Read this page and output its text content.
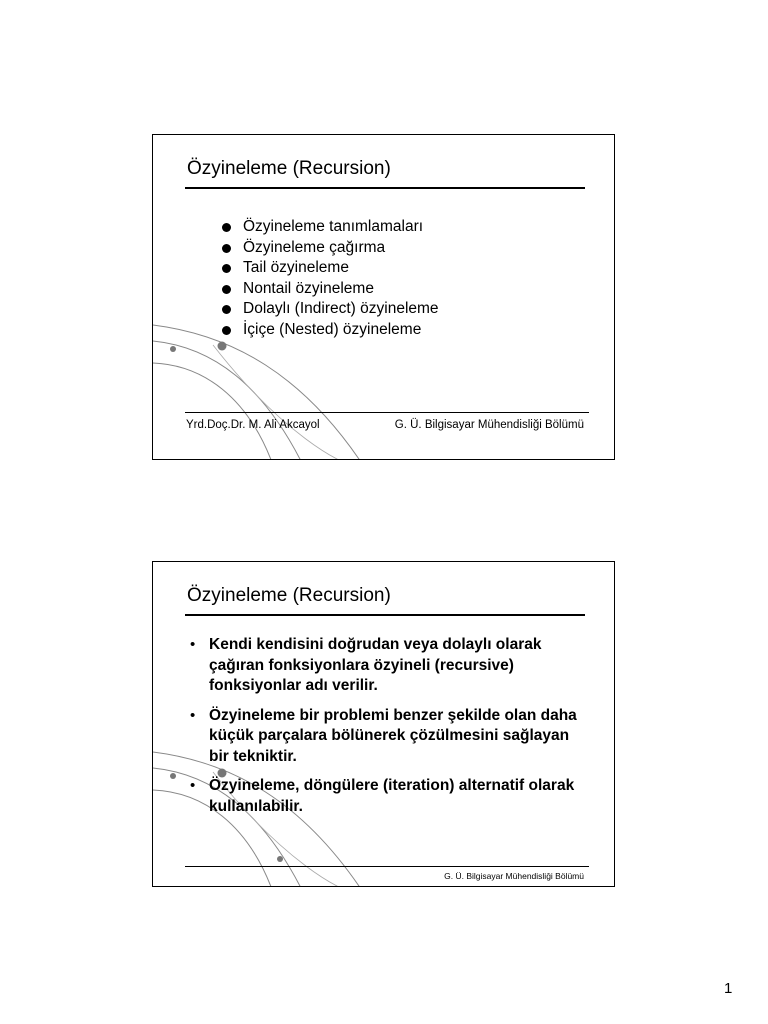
Özyineleme (Recursion)
Özyineleme tanımlamaları
Özyineleme çağırma
Tail özyineleme
Nontail özyineleme
Dolaylı (Indirect) özyineleme
İçiçe (Nested) özyineleme
Yrd.Doç.Dr. M. Ali Akcayol	G. Ü. Bilgisayar Mühendisliği Bölümü
Özyineleme (Recursion)
• Kendi kendisini doğrudan veya dolaylı olarak çağıran fonksiyonlara özyineli (recursive) fonksiyonlar adı verilir.
• Özyineleme bir problemi benzer şekilde olan daha küçük parçalara bölünerek çözülmesini sağlayan bir tekniktir.
• Özyineleme, döngülere (iteration) alternatif olarak kullanılabilir.
G. Ü. Bilgisayar Mühendisliği Bölümü
1
